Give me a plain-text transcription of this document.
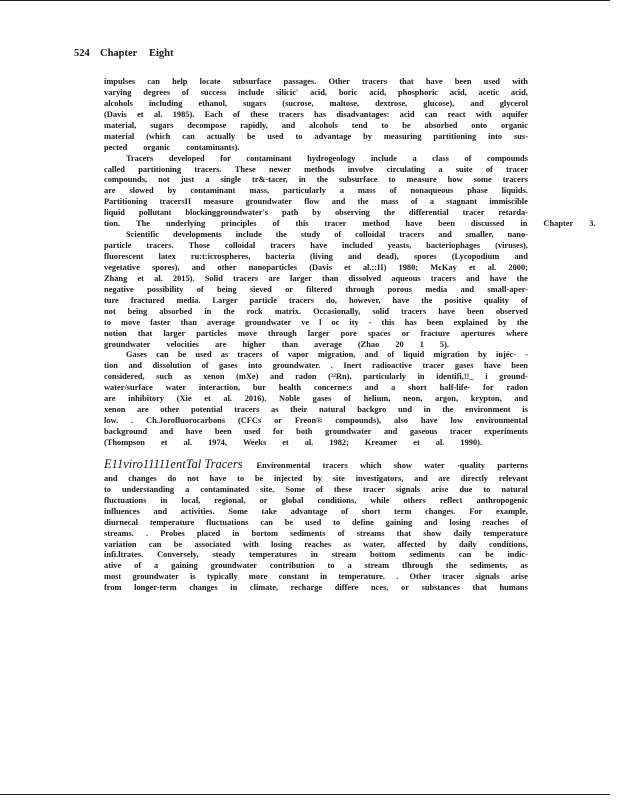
524 Chapter Eight
impulses can help locate subsurface passages. Other tracers that have been used with
varying degrees of success include silicic' acid, boric acid, phosphoric acid, acetic acid,
alcohols including ethanol, sugars (sucrose, maltose, dextrose, glucose), and glycerol
(Davis et al. 1985). Each of these tracers has disadvantages: acid can react with aquifer
material, sugars decompose rapidly, and alcohols tend to be absorbed onto organic
material (which can actually be used to advantage by measuring partitioning into sus-
pected organic contaminants).
Tracers developed for contaminant hydrogeology include a class of compounds
called partitioning tracers. These newer methods involve circulating a suite of tracer
compounds, not just a single tr&-tacer, in the subsurface to measure how some tracers
are slowed by contaminant mass, particularly a mass of nonaqueous phase liquids.
Partitioning tracersII measure groundwater flow and the mass of a stagnant immiscible
liquid pollutant blockinggroundwater's path by observing the differential tracer retarda-
tion. The underlying principles of this tracer method have been discussed in Chapter 3.
Scientific developments include the study of colloidal tracers and smaller, nano-
particle tracers. Those colloidal tracers have included yeasts, bacteriophages (viruses),
fluorescent latex ru:t:icrospheres, bacteria (living and dead), spores (Lycopodium and
vegetative spores), and other nanoparticles (Davis et al.::II) 1980; McKay et al. 2000;
Zhang et al. 2015). Solid tracers are larger than dissolved aqueous tracers and have the
negative possibility of being sieved or filtered through porous media and small-aper-
ture fractured media. Larger particle tracers do, however, have the positive quality of
not being absorbed in the rock matrix. Occasionally, solid tracers have been observed
to move faster than average groundwater ve l oc ity - this has been explained by the
notion that larger particles move through larger pore spaces or fracture apertures where
groundwater velocities are higher than average (Zhao 20 1 5).
Gases can be used as tracers of vapor migration, and of liquid migration by injéc- -
tion and dissolution of gases into groundwater. . Inert radioactive tracer gases have been
considered, such as xenon (mXe) and radon (²²Rn), particularly in identifi,!!_ i ground-
water/surface water interaction, bur health concerne:s and a short half-life- for radon
are inhibitory (Xie et al. 2016). Noble gases of helium, neon, argon, krypton, and
xenon are other potential tracers as their natural backgro und in the environment is
low. . Ch.Jorofluorocarbons (CFCs or Freon® compounds), also have low environmental
background and have been used for both groundwater and gaseous tracer experiments
(Thompson et al. 1974, Weeks et al. 1982; Kreamer et al. 1990).
E11viro11111entTal Tracers Environmental tracers which show water -quality parterns
and changes do not have to be injected by site investigators, and are directly relevant
to understanding a contaminated site. Some of these tracer signals arise due to natural
fluctuations in local, regional, or global conditions, while others reflect anthropogenic
influences and activities. Some take advantage of short term changes. For example,
diurnecal temperature fluctuations can be used to define gaining and losing reaches of
streams. . Probes placed in bortom sediments of streams that show daily temperature
variation can be associated with losing reaches as water, affected by daily conditions,
infi.ltrates. Conversely, steady temperatures in stream bottom sediments can be indic-
ative of a gaining groundwater contribution to a stream tlhrough the sediments, as
most groundwater is typically more constant in temperature. . Other tracer signals arise
from longer-term changes in climate, recharge differe nces, or substances that humans
